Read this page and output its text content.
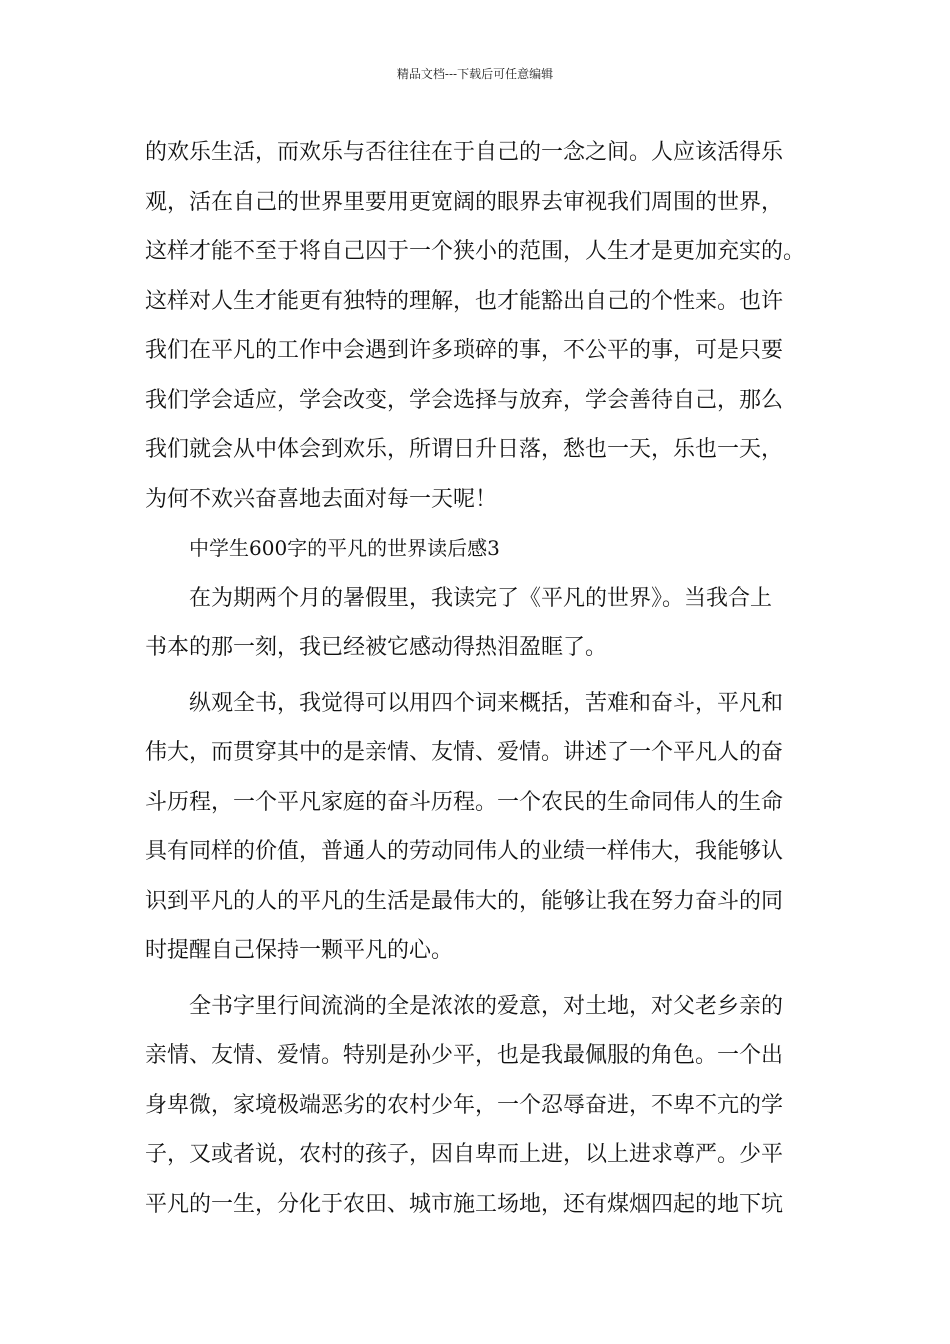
精品文档---下载后可任意编辑
的欢乐生活，而欢乐与否往往在于自己的一念之间。人应该活得乐
观，活在自己的世界里要用更宽阔的眼界去审视我们周围的世界，
这样才能不至于将自己囚于一个狭小的范围，人生才是更加充实的。
这样对人生才能更有独特的理解，也才能豁出自己的个性来。也许
我们在平凡的工作中会遇到许多琐碎的事，不公平的事，可是只要
我们学会适应，学会改变，学会选择与放弃，学会善待自己，那么
我们就会从中体会到欢乐，所谓日升日落，愁也一天，乐也一天，
为何不欢兴奋喜地去面对每一天呢！
中学生600字的平凡的世界读后感3
在为期两个月的暑假里，我读完了《平凡的世界》。当我合上
书本的那一刻，我已经被它感动得热泪盈眶了。
纵观全书，我觉得可以用四个词来概括，苦难和奋斗，平凡和
伟大，而贯穿其中的是亲情、友情、爱情。讲述了一个平凡人的奋
斗历程，一个平凡家庭的奋斗历程。一个农民的生命同伟人的生命
具有同样的价值，普通人的劳动同伟人的业绩一样伟大，我能够认
识到平凡的人的平凡的生活是最伟大的，能够让我在努力奋斗的同
时提醒自己保持一颗平凡的心。
全书字里行间流淌的全是浓浓的爱意，对土地，对父老乡亲的
亲情、友情、爱情。特别是孙少平，也是我最佩服的角色。一个出
身卑微，家境极端恶劣的农村少年，一个忍辱奋进，不卑不亢的学
子，又或者说，农村的孩子，因自卑而上进，以上进求尊严。少平
平凡的一生，分化于农田、城市施工场地，还有煤烟四起的地下坑
